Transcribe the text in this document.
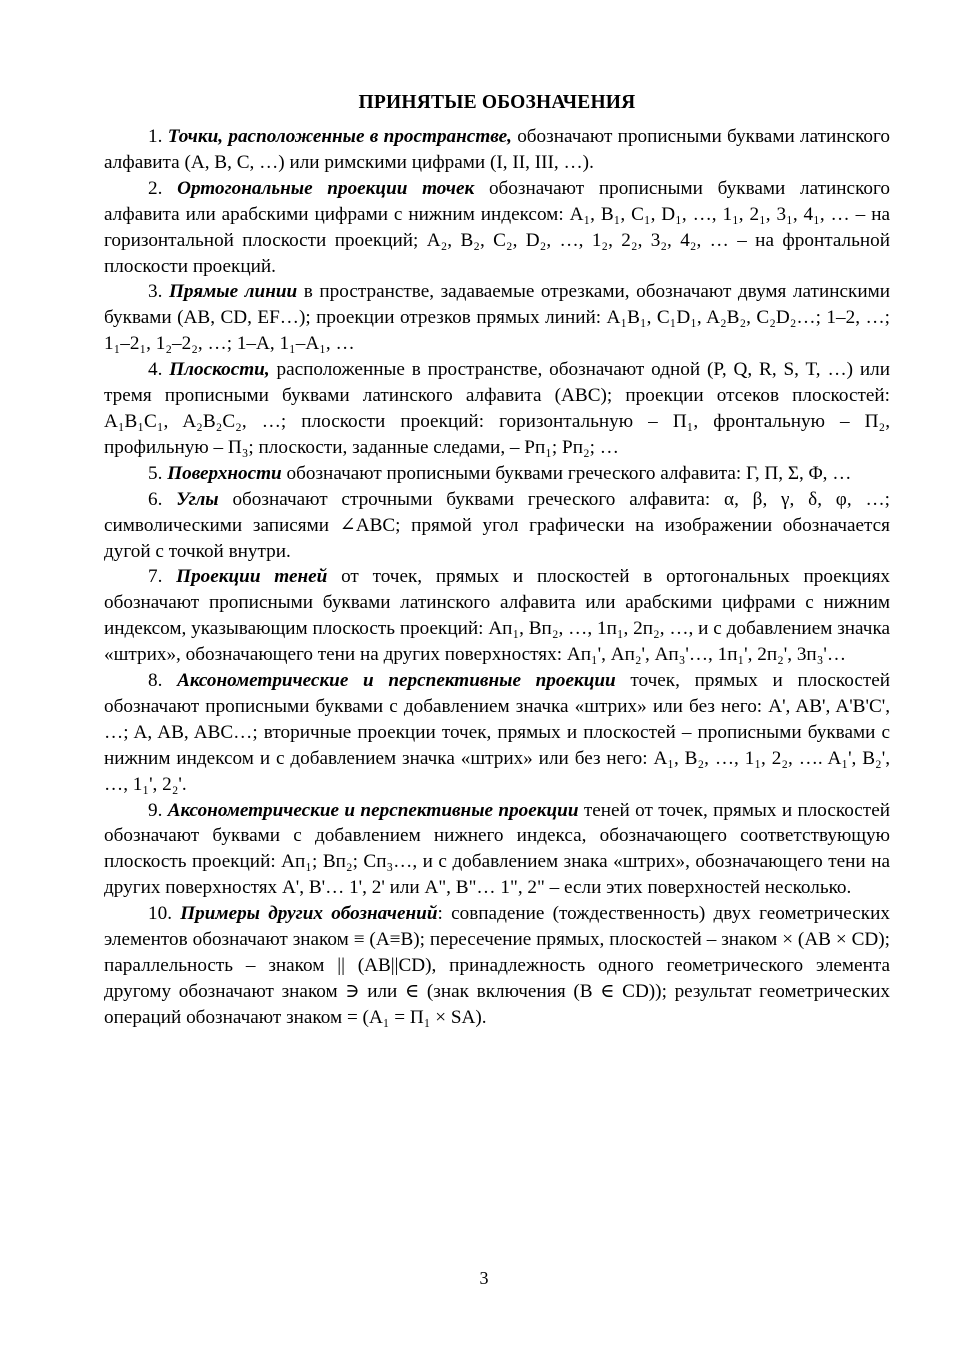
ПРИНЯТЫЕ ОБОЗНАЧЕНИЯ

1. Точки, расположенные в пространстве, обозначают прописными буквами латинского алфавита (A, B, C, …) или римскими цифрами (I, II, III, …).

2. Ортогональные проекции точек обозначают прописными буквами латинского алфавита или арабскими цифрами с нижним индексом: A₁, B₁, C₁, D₁, …, 1₁, 2₁, 3₁, 4₁, … – на горизонтальной плоскости проекций; A₂, B₂, C₂, D₂, …, 1₂, 2₂, 3₂, 4₂, … – на фронтальной плоскости проекций.

3. Прямые линии в пространстве, задаваемые отрезками, обозначают двумя латинскими буквами (AB, CD, EF…); проекции отрезков прямых линий: A₁B₁, C₁D₁, A₂B₂, C₂D₂…; 1–2, …; 1₁–2₁, 1₂–2₂, …; 1–A, 1₁–A₁, …

4. Плоскости, расположенные в пространстве, обозначают одной (P, Q, R, S, T, …) или тремя прописными буквами латинского алфавита (ABC); проекции отсеков плоскостей: A₁B₁C₁, A₂B₂C₂, …; плоскости проекций: горизонтальную – П₁, фронтальную – П₂, профильную – П₃; плоскости, заданные следами, – Pп₁; Pп₂; …

5. Поверхности обозначают прописными буквами греческого алфавита: Γ, Π, Σ, Φ, …

6. Углы обозначают строчными буквами греческого алфавита: α, β, γ, δ, φ, …; символическими записями ∠ABC; прямой угол графически на изображении обозначается дугой с точкой внутри.

7. Проекции теней от точек, прямых и плоскостей в ортогональных проекциях обозначают прописными буквами латинского алфавита или арабскими цифрами с нижним индексом, указывающим плоскость проекций: Aп₁, Bп₂, …, 1п₁, 2п₂, …, и с добавлением значка «штрих», обозначающего тени на других поверхностях: Aп₁', Aп₂', Aп₃'…, 1п₁', 2п₂', 3п₃'…

8. Аксонометрические и перспективные проекции точек, прямых и плоскостей обозначают прописными буквами с добавлением значка «штрих» или без него: A', AB', A'B'C', …; A, AB, ABC…; вторичные проекции точек, прямых и плоскостей – прописными буквами с нижним индексом и с добавлением значка «штрих» или без него: A₁, B₂, …, 1₁, 2₂, …. A₁', B₂', …, 1₁', 2₂'.

9. Аксонометрические и перспективные проекции теней от точек, прямых и плоскостей обозначают буквами с добавлением нижнего индекса, обозначающего соответствующую плоскость проекций: Aп₁; Bп₂; Cп₃…, и с добавлением знака «штрих», обозначающего тени на других поверхностях A', B'… 1', 2' или A", B"… 1", 2" – если этих поверхностей несколько.

10. Примеры других обозначений: совпадение (тождественность) двух геометрических элементов обозначают знаком ≡ (A≡B); пересечение прямых, плоскостей – знаком × (AB × CD); параллельность – знаком || (AB||CD), принадлежность одного геометрического элемента другому обозначают знаком ∋ или ∈ (знак включения (B ∈ CD)); результат геометрических операций обозначают знаком = (A₁ = Π₁ × SA).

3
